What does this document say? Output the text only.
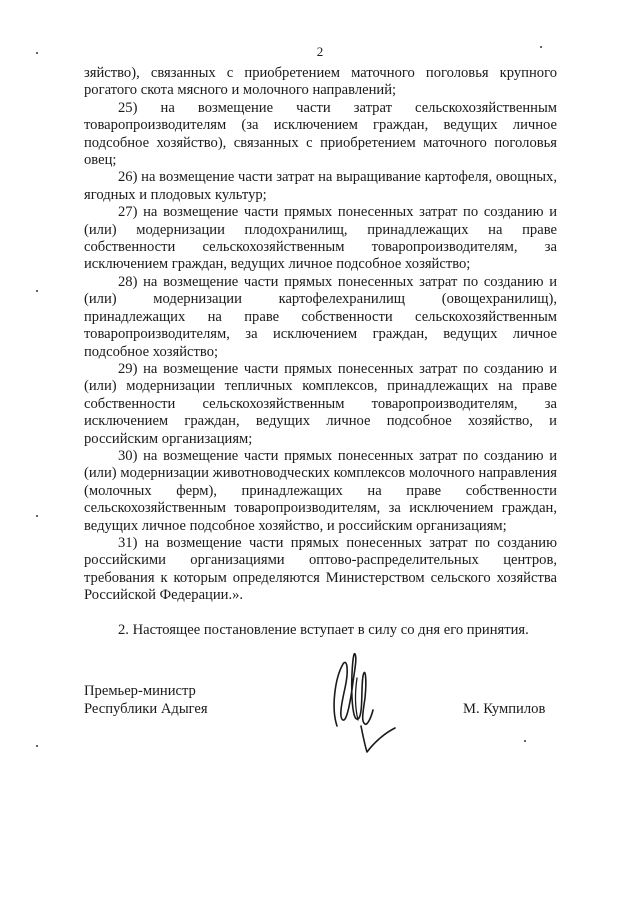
2

зяйство), связанных с приобретением маточного поголовья крупного рогатого скота мясного и молочного направлений;

25) на возмещение части затрат сельскохозяйственным товаропроизводителям (за исключением граждан, ведущих личное подсобное хозяйство), связанных с приобретением маточного поголовья овец;

26) на возмещение части затрат на выращивание картофеля, овощных, ягодных и плодовых культур;

27) на возмещение части прямых понесенных затрат по созданию и (или) модернизации плодохранилищ, принадлежащих на праве собственности сельскохозяйственным товаропроизводителям, за исключением граждан, ведущих личное подсобное хозяйство;

28) на возмещение части прямых понесенных затрат по созданию и (или) модернизации картофелехранилищ (овощехранилищ), принадлежащих на праве собственности сельскохозяйственным товаропроизводителям, за исключением граждан, ведущих личное подсобное хозяйство;

29) на возмещение части прямых понесенных затрат по созданию и (или) модернизации тепличных комплексов, принадлежащих на праве собственности сельскохозяйственным товаропроизводителям, за исключением граждан, ведущих личное подсобное хозяйство, и российским организациям;

30) на возмещение части прямых понесенных затрат по созданию и (или) модернизации животноводческих комплексов молочного направления (молочных ферм), принадлежащих на праве собственности сельскохозяйственным товаропроизводителям, за исключением граждан, ведущих личное подсобное хозяйство, и российским организациям;

31) на возмещение части прямых понесенных затрат по созданию российскими организациями оптово-распределительных центров, требования к которым определяются Министерством сельского хозяйства Российской Федерации.».

2. Настоящее постановление вступает в силу со дня его принятия.

Премьер-министр
Республики Адыгея	М. Кумпилов
